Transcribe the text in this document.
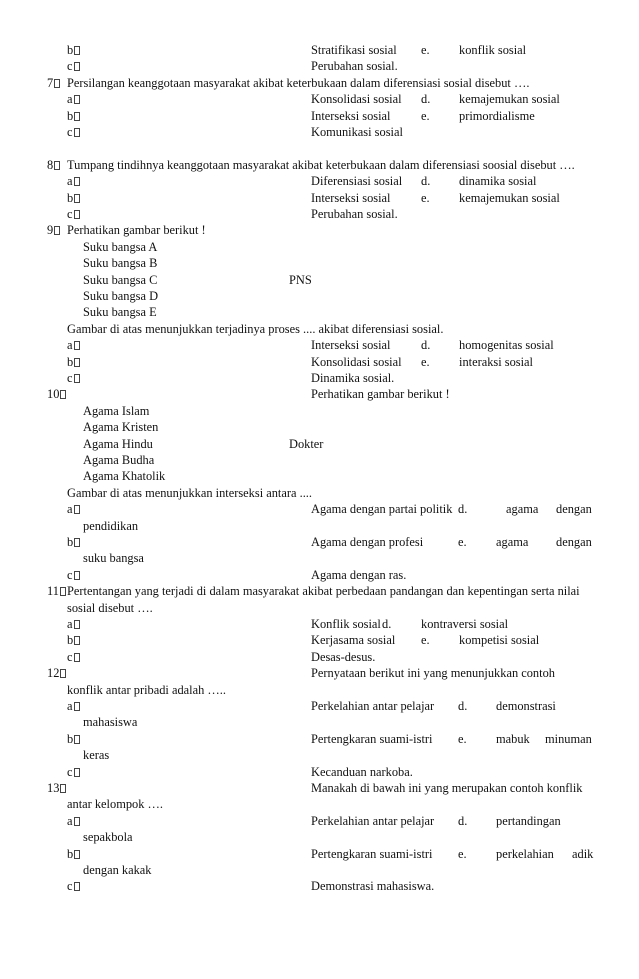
b	Stratifikasi sosial e. konflik sosial
c	Perubahan sosial.
7	Persilangan keanggotaan masyarakat akibat keterbukaan dalam diferensiasi sosial disebut ….
a	Konsolidasi sosial d. kemajemukan sosial
b	Interseksi sosial e. primordialisme
c	Komunikasi sosial
8	Tumpang tindihnya keanggotaan masyarakat akibat keterbukaan dalam diferensiasi soosial disebut ….
a	Diferensiasi sosial d. dinamika sosial
b	Interseksi sosial e. kemajemukan sosial
c	Perubahan sosial.
9	Perhatikan gambar berikut !
Suku bangsa A
Suku bangsa B
Suku bangsa C	PNS
Suku bangsa D
Suku bangsa E
Gambar di atas menunjukkan terjadinya proses .... akibat diferensiasi sosial.
a	Interseksi sosial d. homogenitas sosial
b	Konsolidasi sosial e. interaksi sosial
c	Dinamika sosial.
10	Perhatikan gambar berikut !
Agama Islam
Agama Kristen
Agama Hindu	Dokter
Agama Budha
Agama Khatolik
Gambar di atas menunjukkan interseksi antara ....
a	Agama dengan partai politik d.	agama dengan
pendidikan
b	Agama dengan profesi	e. agama dengan
suku bangsa
c	Agama dengan ras.
11 Pertentangan yang terjadi di dalam masyarakat akibat perbedaan pandangan dan kepentingan serta nilai
sosial disebut ….
a	Konflik sosial d. kontraversi sosial
b	Kerjasama sosial e. kompetisi sosial
c	Desas-desus.
12	Pernyataan berikut ini yang menunjukkan contoh
konflik antar pribadi adalah …..
a	Perkelahian antar pelajar d. demonstrasi
mahasiswa
b	Pertengkaran suami-istri e. mabuk minuman
keras
c	Kecanduan narkoba.
13	Manakah di bawah ini yang merupakan contoh konflik
antar kelompok ….
a	Perkelahian antar pelajar d. pertandingan
sepakbola
b	Pertengkaran suami-istri e. perkelahian adik
dengan kakak
c	Demonstrasi mahasiswa.
